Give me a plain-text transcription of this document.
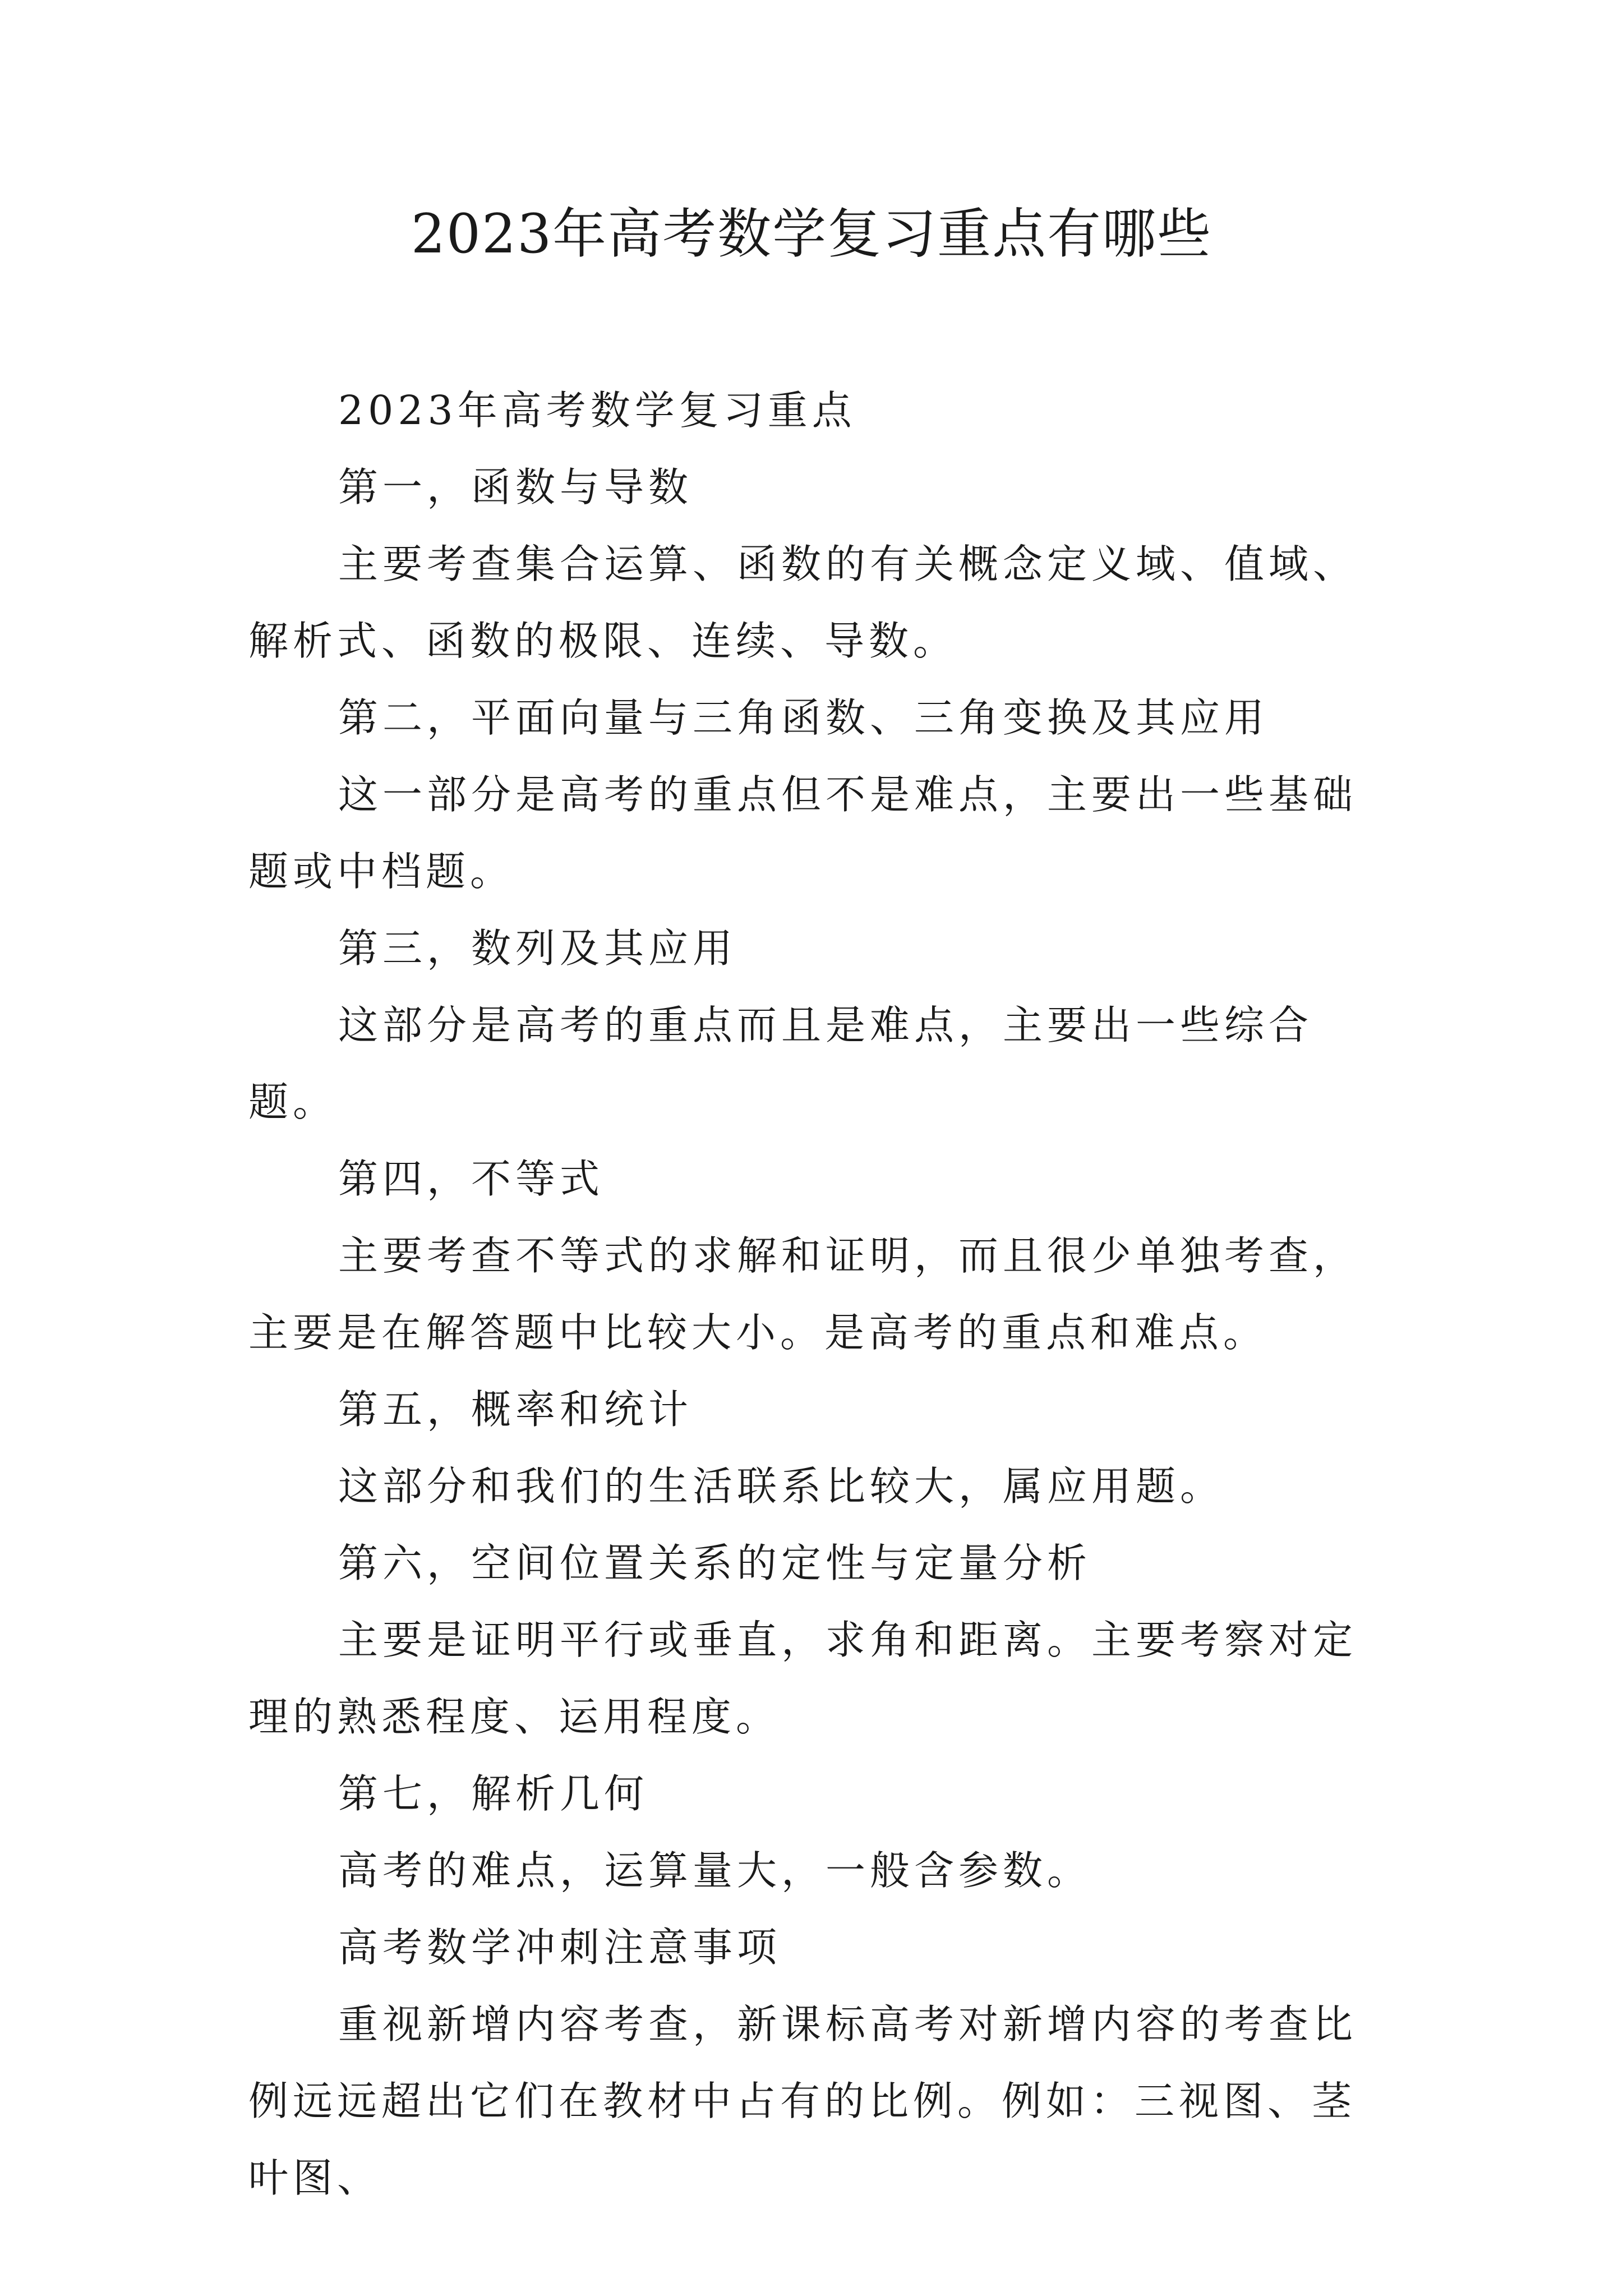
2023年高考数学复习重点有哪些

2023年高考数学复习重点

第一，函数与导数

主要考查集合运算、函数的有关概念定义域、值域、解析式、函数的极限、连续、导数。

第二，平面向量与三角函数、三角变换及其应用

这一部分是高考的重点但不是难点，主要出一些基础题或中档题。

第三，数列及其应用

这部分是高考的重点而且是难点，主要出一些综合题。

第四，不等式

主要考查不等式的求解和证明，而且很少单独考查，主要是在解答题中比较大小。是高考的重点和难点。

第五，概率和统计

这部分和我们的生活联系比较大，属应用题。

第六，空间位置关系的定性与定量分析

主要是证明平行或垂直，求角和距离。主要考察对定理的熟悉程度、运用程度。

第七，解析几何

高考的难点，运算量大，一般含参数。

高考数学冲刺注意事项

重视新增内容考查，新课标高考对新增内容的考查比例远远超出它们在教材中占有的比例。例如：三视图、茎叶图、
